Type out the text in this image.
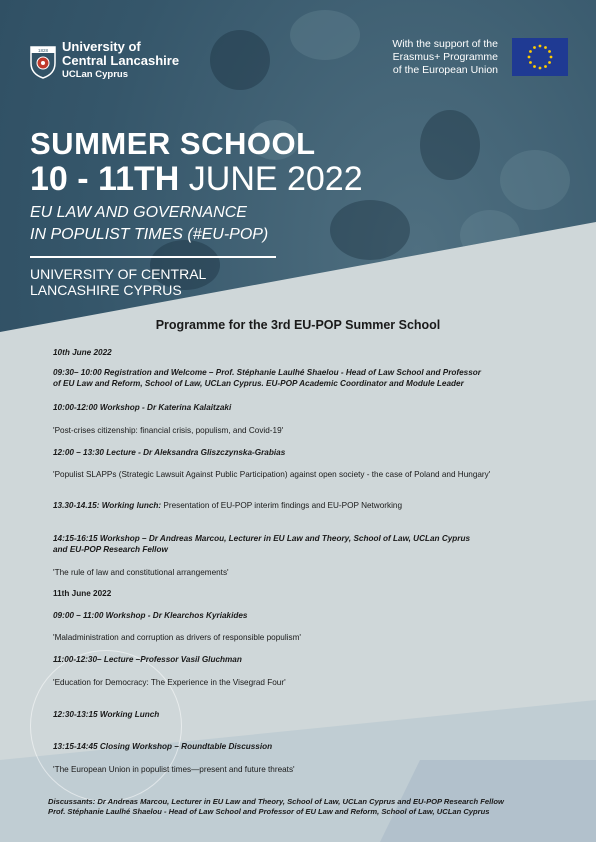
1828 University of
Central Lancashire
UCLan Cyprus
With the support of the
Erasmus+ Programme
of the European Union
SUMMER SCHOOL
10 - 11TH JUNE 2022
EU LAW AND GOVERNANCE
IN POPULIST TIMES (#EU-POP)
UNIVERSITY OF CENTRAL
LANCASHIRE CYPRUS
Programme for the 3rd EU-POP Summer School
10th June 2022
09:30– 10:00 Registration and Welcome – Prof. Stéphanie Laulhé Shaelou - Head of Law School and Professor
of EU Law and Reform, School of Law, UCLan Cyprus. EU-POP Academic Coordinator and Module Leader
10:00-12:00 Workshop - Dr Katerina Kalaitzaki
'Post-crises citizenship: financial crisis, populism, and Covid-19'
12:00 – 13:30 Lecture - Dr Aleksandra Gliszczynska-Grabias
'Populist SLAPPs (Strategic Lawsuit Against Public Participation) against open society - the case of Poland and Hungary'
13.30-14.15: Working lunch: Presentation of EU-POP interim findings and EU-POP Networking
14:15-16:15 Workshop – Dr Andreas Marcou, Lecturer in EU Law and Theory, School of Law, UCLan Cyprus
and EU-POP Research Fellow
'The rule of law and constitutional arrangements'
11th June 2022
09:00 – 11:00 Workshop - Dr Klearchos Kyriakides
'Maladministration and corruption as drivers of responsible populism'
11:00-12:30– Lecture –Professor Vasil Gluchman
'Education for Democracy: The Experience in the Visegrad Four'
12:30-13:15 Working Lunch
13:15-14:45 Closing Workshop – Roundtable Discussion
'The European Union in populist times—present and future threats'
Discussants: Dr Andreas Marcou, Lecturer in EU Law and Theory, School of Law, UCLan Cyprus and EU-POP Research Fellow
Prof. Stéphanie Laulhé Shaelou - Head of Law School and Professor of EU Law and Reform, School of Law, UCLan Cyprus
